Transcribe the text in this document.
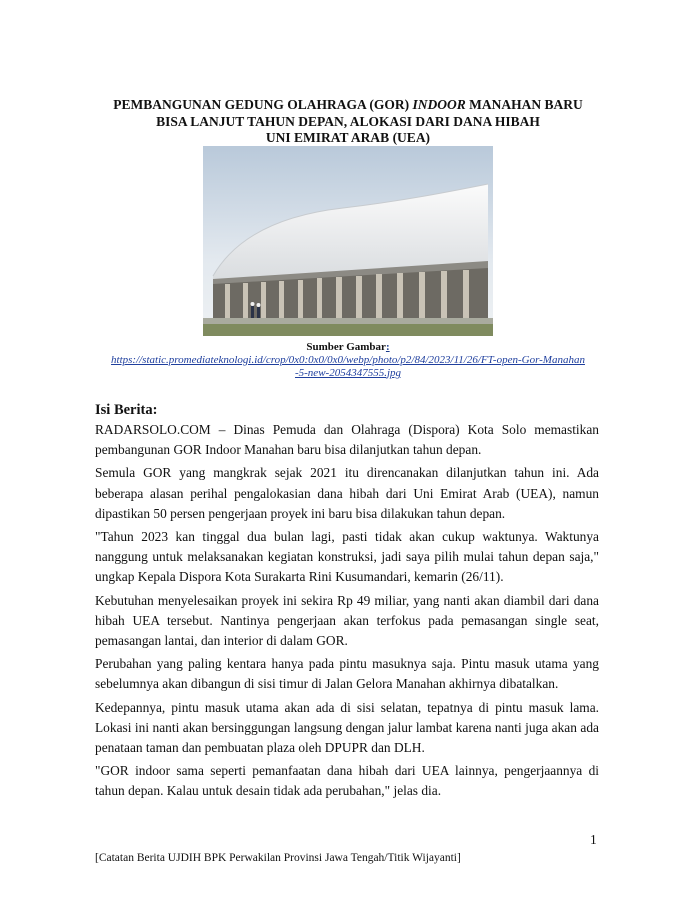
PEMBANGUNAN GEDUNG OLAHRAGA (GOR) INDOOR MANAHAN BARU
BISA LANJUT TAHUN DEPAN, ALOKASI DARI DANA HIBAH
UNI EMIRAT ARAB (UEA)
Sumber Gambar:
https://static.promediateknologi.id/crop/0x0:0x0/0x0/webp/photo/p2/84/2023/11/26/FT-open-Gor-Manahan-5-new-2054347555.jpg
Isi Berita:

RADARSOLO.COM – Dinas Pemuda dan Olahraga (Dispora) Kota Solo memastikan pembangunan GOR Indoor Manahan baru bisa dilanjutkan tahun depan.

Semula GOR yang mangkrak sejak 2021 itu direncanakan dilanjutkan tahun ini. Ada beberapa alasan perihal pengalokasian dana hibah dari Uni Emirat Arab (UEA), namun dipastikan 50 persen pengerjaan proyek ini baru bisa dilakukan tahun depan.

"Tahun 2023 kan tinggal dua bulan lagi, pasti tidak akan cukup waktunya. Waktunya nanggung untuk melaksanakan kegiatan konstruksi, jadi saya pilih mulai tahun depan saja," ungkap Kepala Dispora Kota Surakarta Rini Kusumandari, kemarin (26/11).

Kebutuhan menyelesaikan proyek ini sekira Rp 49 miliar, yang nanti akan diambil dari dana hibah UEA tersebut. Nantinya pengerjaan akan terfokus pada pemasangan single seat, pemasangan lantai, dan interior di dalam GOR.

Perubahan yang paling kentara hanya pada pintu masuknya saja. Pintu masuk utama yang sebelumnya akan dibangun di sisi timur di Jalan Gelora Manahan akhirnya dibatalkan.

Kedepannya, pintu masuk utama akan ada di sisi selatan, tepatnya di pintu masuk lama. Lokasi ini nanti akan bersinggungan langsung dengan jalur lambat karena nanti juga akan ada penataan taman dan pembuatan plaza oleh DPUPR dan DLH.

"GOR indoor sama seperti pemanfaatan dana hibah dari UEA lainnya, pengerjaannya di tahun depan. Kalau untuk desain tidak ada perubahan," jelas dia.

1
[Catatan Berita UJDIH BPK Perwakilan Provinsi Jawa Tengah/Titik Wijayanti]
